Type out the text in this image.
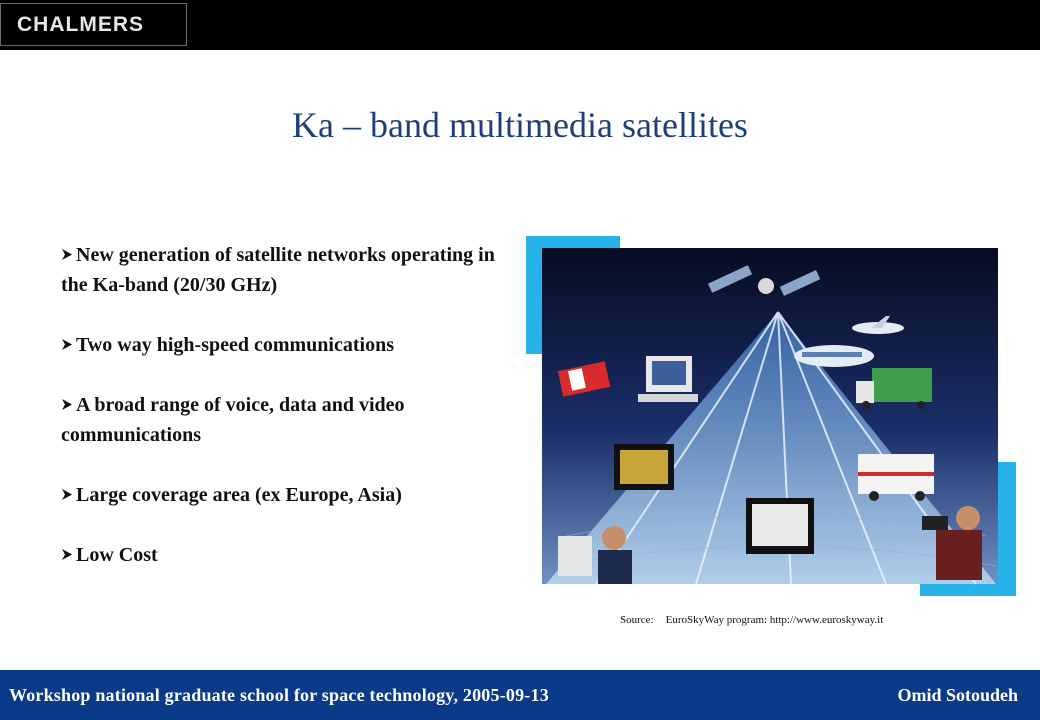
CHALMERS
Ka – band multimedia satellites
New generation of satellite networks operating in the Ka-band (20/30 GHz)
Two way high-speed communications
A broad range of voice, data and video communications
Large coverage area (ex Europe, Asia)
Low Cost
Source: EuroSkyWay program: http://www.euroskyway.it
Workshop national graduate school for space technology, 2005-09-13	Omid Sotoudeh
